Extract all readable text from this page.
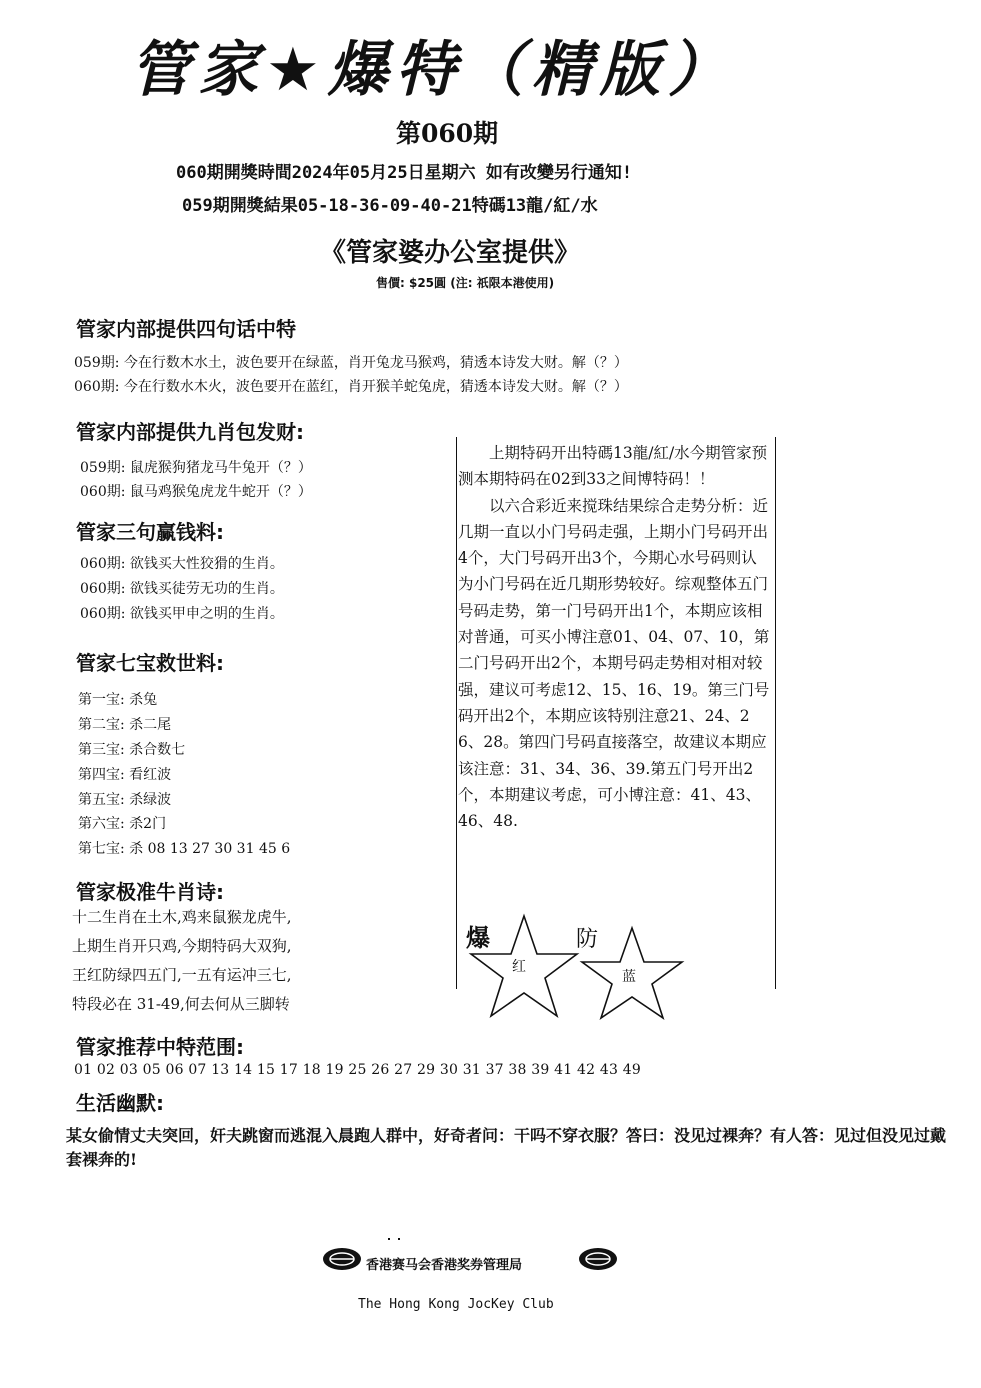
管家★爆特（精版）
第060期
060期開獎時間2024年05月25日星期六 如有改變另行通知!
059期開獎結果05-18-36-09-40-21特碼13龍/紅/水
《管家婆办公室提供》
售價: $25圓 (注: 祇限本港使用)
管家内部提供四句话中特
059期: 今在行数木水土，波色要开在绿蓝，肖开兔龙马猴鸡，猜透本诗发大财。解（？）
060期: 今在行数水木火，波色要开在蓝红，肖开猴羊蛇兔虎，猜透本诗发大财。解（？）
管家内部提供九肖包发财:
059期: 鼠虎猴狗猪龙马牛兔开（？）
060期: 鼠马鸡猴兔虎龙牛蛇开（？）
管家三句赢钱料:
060期: 欲钱买大性狡猾的生肖。
060期: 欲钱买徒劳无功的生肖。
060期: 欲钱买甲申之明的生肖。
管家七宝救世料:
第一宝: 杀兔
第二宝: 杀二尾
第三宝: 杀合数七
第四宝: 看红波
第五宝: 杀绿波
第六宝: 杀2门
第七宝: 杀 08 13 27 30 31 45 6
管家极准牛肖诗:
十二生肖在土木,鸡来鼠猴龙虎牛,
上期生肖开只鸡,今期特码大双狗,
王红防绿四五门,一五有运冲三七,
特段必在 31-49,何去何从三脚转

上期特码开出特碼13龍/紅/水今期管家预测本期特码在02到33之间博特码！！

以六合彩近来搅珠结果综合走势分析：近几期一直以小门号码走强，上期小门号码开出4个，大门号码开出3个，今期心水号码则认为小门号码在近几期形势较好。综观整体五门号码走势，第一门号码开出1个，本期应该相对普通，可买小博注意01、04、07、10，第二门号码开出2个，本期号码走势相对相对较强，建议可考虑12、15、16、19。第三门号码开出2个，本期应该特别注意21、24、26、28。第四门号码直接落空，故建议本期应该注意：31、34、36、39.第五门号开出2个，本期建议考虑，可小博注意：41、43、46、48.

爆	防
红
蓝
管家推荐中特范围:
01 02 03 05 06 07 13 14 15 17 18 19 25 26 27 29 30 31 37 38 39 41 42 43 49
生活幽默:
某女偷情丈夫突回，奸夫跳窗而逃混入晨跑人群中，好奇者问：干吗不穿衣服？答曰：没见过裸奔？有人答：见过但没见过戴套裸奔的!
香港赛马会香港奖券管理局
The Hong Kong JocKey Club
